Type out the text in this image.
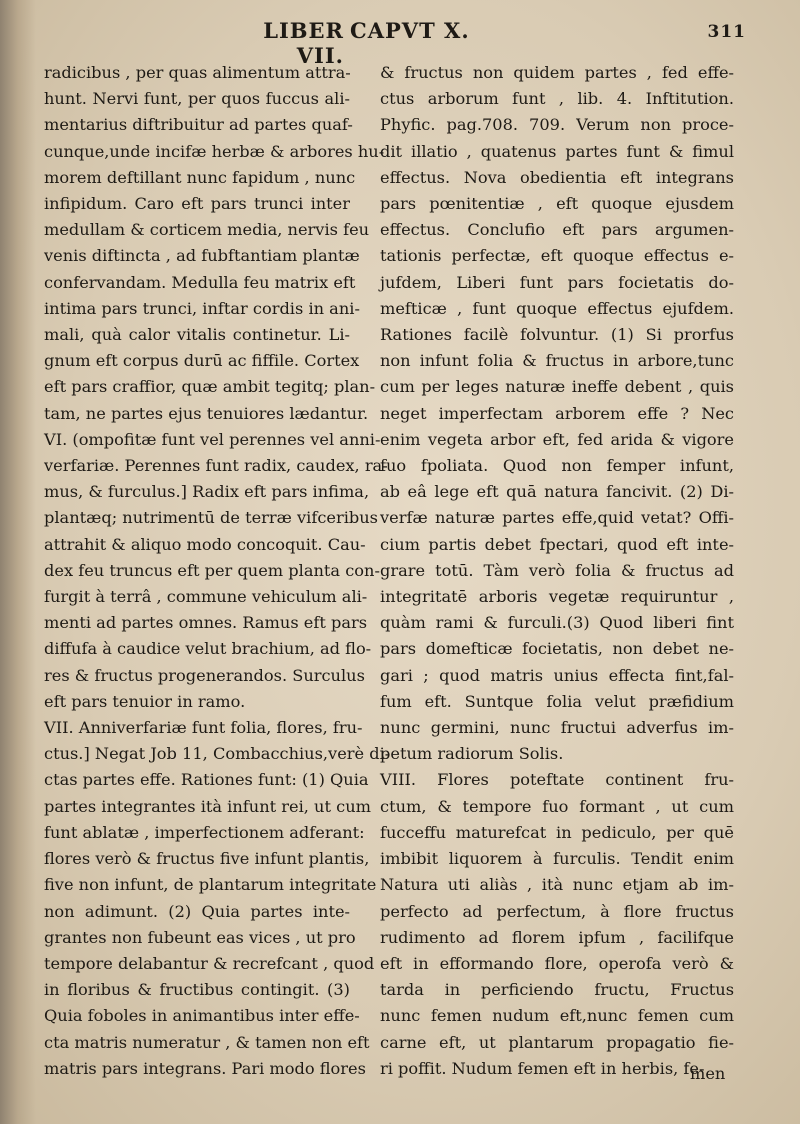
LIBER VII.
CAPVT X.	311
radicibus , per quas alimentum attra-
hunt. Nervi funt, per quos fuccus ali-
mentarius diftribuitur ad partes quaf-
cunque,unde incifæ herbæ & arbores hu-
morem deftillant nunc fapidum , nunc
infipidum. Caro eft pars trunci inter
medullam & corticem media, nervis feu
venis diftincta , ad fubftantiam plantæ
confervandam. Medulla feu matrix eft
intima pars trunci, inftar cordis in ani-
mali, quà calor vitalis continetur. Li-
gnum eft corpus durū ac fiffile. Cortex
eft pars craffior, quæ ambit tegitq; plan-
tam, ne partes ejus tenuiores lædantur.
VI. (ompofitæ funt vel perennes vel anni-
verfariæ. Perennes funt radix, caudex, ra-
mus, & furculus.] Radix eft pars infima,
plantæq; nutrimentū de terræ vifceribus
attrahit & aliquo modo concoquit. Cau-
dex feu truncus eft per quem planta con-
furgit à terrâ , commune vehiculum ali-
menti ad partes omnes. Ramus eft pars
diffufa à caudice velut brachium, ad flo-
res & fructus progenerandos. Surculus
eft pars tenuior in ramo.
VII. Anniverfariæ funt folia, flores, fru-
ctus.] Negat Job 11, Combacchius,verè di-
ctas partes effe. Rationes funt: (1) Quia
partes integrantes ità infunt rei, ut cum
funt ablatæ , imperfectionem adferant:
flores verò & fructus five infunt plantis,
five non infunt, de plantarum integritate
non adimunt. (2) Quia partes inte-
grantes non fubeunt eas vices , ut pro
tempore delabantur & recrefcant , quod
in floribus & fructibus contingit. (3)
Quia foboles in animantibus inter effe-
cta matris numeratur , & tamen non eft
matris pars integrans. Pari modo flores
& fructus non quidem partes , fed effe-
ctus arborum funt , lib. 4. Inftitution.
Phyfic. pag.708. 709. Verum non proce-
dit illatio , quatenus partes funt & fimul
effectus. Nova obedientia eft integrans
pars pœnitentiæ , eft quoque ejusdem
effectus. Conclufio eft pars argumen-
tationis perfectæ, eft quoque effectus e-
jufdem, Liberi funt pars focietatis do-
mefticæ , funt quoque effectus ejufdem.
Rationes facilè folvuntur. (1) Si prorfus
non infunt folia & fructus in arbore,tunc
cum per leges naturæ ineffe debent , quis
neget imperfectam arborem effe ? Nec
enim vegeta arbor eft, fed arida & vigore
fuo fpoliata. Quod non femper infunt,
ab eâ lege eft quā natura fancivit. (2) Di-
verfæ naturæ partes effe,quid vetat? Offi-
cium partis debet fpectari, quod eft inte-
grare totū. Tàm verò folia & fructus ad
integritatē arboris vegetæ requiruntur ,
quàm rami & furculi.(3) Quod liberi fint
pars domefticæ focietatis, non debet ne-
gari ; quod matris unius effecta fint,fal-
fum eft. Suntque folia velut præfidium
nunc germini, nunc fructui adverfus im-
petum radiorum Solis.
VIII. Flores poteftate continent fru-
ctum, & tempore fuo formant , ut cum
fucceffu maturefcat in pediculo, per quē
imbibit liquorem à furculis. Tendit enim
Natura uti aliàs , ità nunc etjam ab im-
perfecto ad perfectum, à flore fructus
rudimento ad florem ipfum , facilifque
eft in efformando flore, operofa verò &
tarda in perficiendo fructu, Fructus
nunc femen nudum eft,nunc femen cum
carne eft, ut plantarum propagatio fie-
ri poffit. Nudum femen eft in herbis, fe-
men
